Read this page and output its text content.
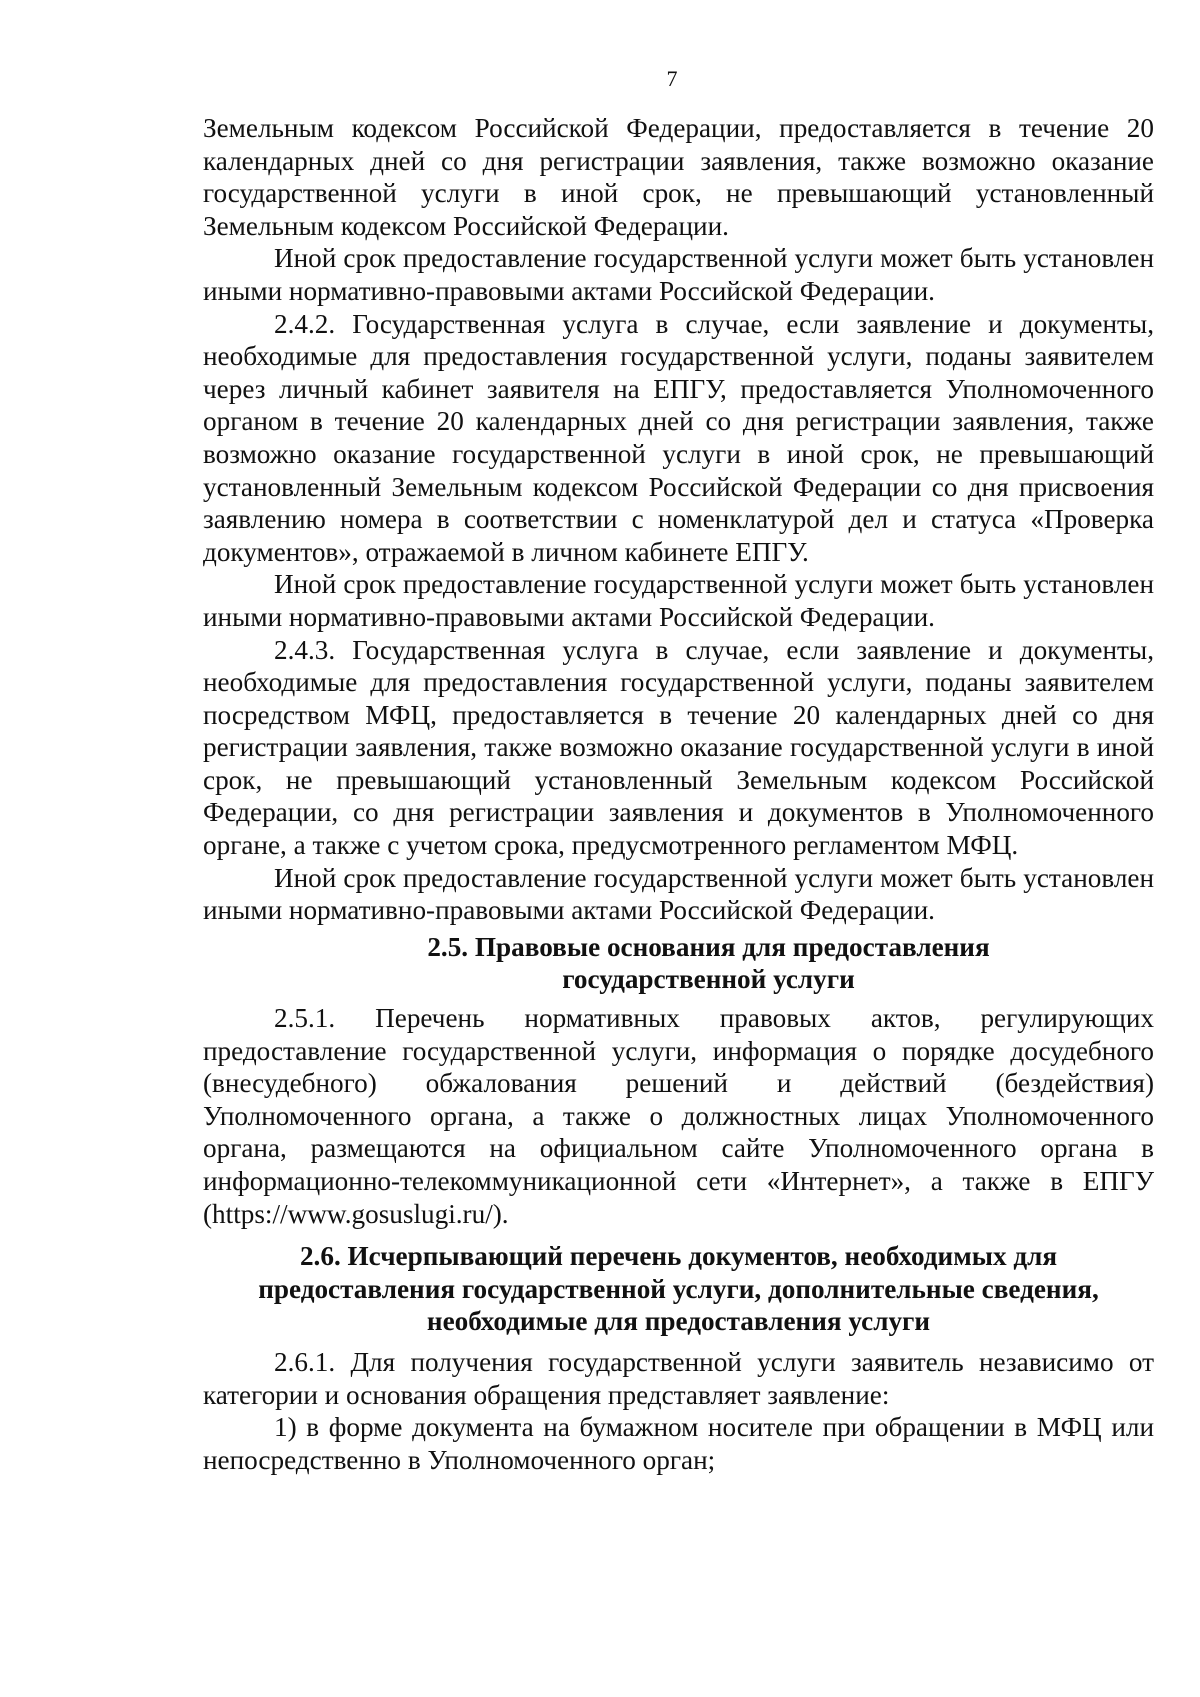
7

Земельным кодексом Российской Федерации, предоставляется в течение 20 календарных дней со дня регистрации заявления, также возможно оказание государственной услуги в иной срок, не превышающий установленный Земельным кодексом Российской Федерации.

Иной срок предоставление государственной услуги может быть установлен иными нормативно-правовыми актами Российской Федерации.

2.4.2. Государственная услуга в случае, если заявление и документы, необходимые для предоставления государственной услуги, поданы заявителем через личный кабинет заявителя на ЕПГУ, предоставляется Уполномоченного органом в течение 20 календарных дней со дня регистрации заявления, также возможно оказание государственной услуги в иной срок, не превышающий установленный Земельным кодексом Российской Федерации со дня присвоения заявлению номера в соответствии с номенклатурой дел и статуса «Проверка документов», отражаемой в личном кабинете ЕПГУ.

Иной срок предоставление государственной услуги может быть установлен иными нормативно-правовыми актами Российской Федерации.

2.4.3. Государственная услуга в случае, если заявление и документы, необходимые для предоставления государственной услуги, поданы заявителем посредством МФЦ, предоставляется в течение 20 календарных дней со дня регистрации заявления, также возможно оказание государственной услуги в иной срок, не превышающий установленный Земельным кодексом Российской Федерации, со дня регистрации заявления и документов в Уполномоченного органе, а также с учетом срока, предусмотренного регламентом МФЦ.

Иной срок предоставление государственной услуги может быть установлен иными нормативно-правовыми актами Российской Федерации.

2.5. Правовые основания для предоставления
государственной услуги

2.5.1. Перечень нормативных правовых актов, регулирующих предоставление государственной услуги, информация о порядке досудебного (внесудебного) обжалования решений и действий (бездействия) Уполномоченного органа, а также о должностных лицах Уполномоченного органа, размещаются на официальном сайте Уполномоченного органа в информационно-телекоммуникационной сети «Интернет», а также в ЕПГУ (https://www.gosuslugi.ru/).

2.6. Исчерпывающий перечень документов, необходимых для
предоставления государственной услуги, дополнительные сведения,
необходимые для предоставления услуги

2.6.1. Для получения государственной услуги заявитель независимо от категории и основания обращения представляет заявление:

1) в форме документа на бумажном носителе при обращении в МФЦ или непосредственно в Уполномоченного орган;
